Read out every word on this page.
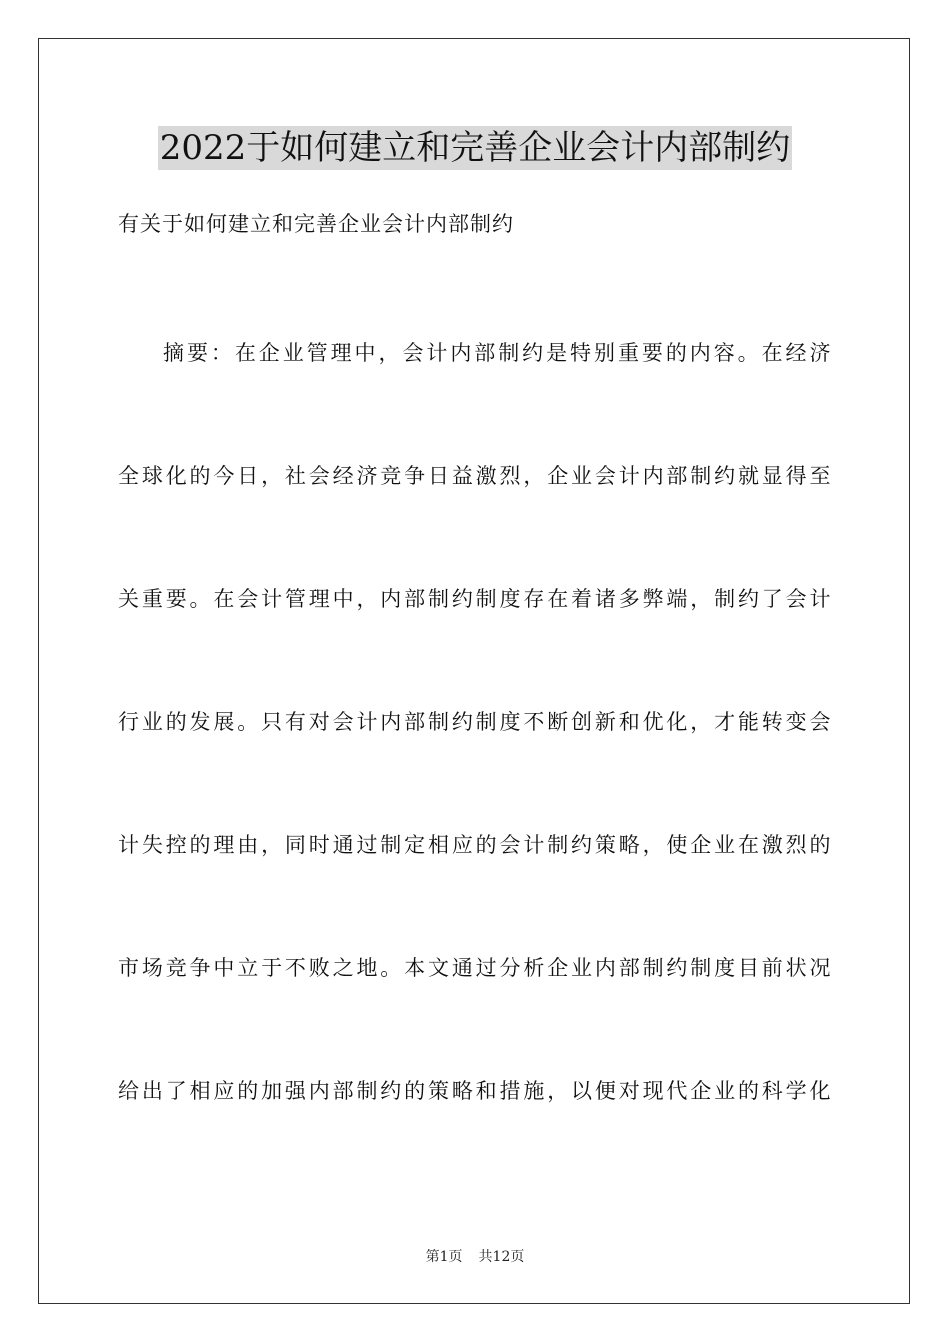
2022于如何建立和完善企业会计内部制约
有关于如何建立和完善企业会计内部制约
摘要：在企业管理中，会计内部制约是特别重要的内容。在经济
全球化的今日，社会经济竞争日益激烈，企业会计内部制约就显得至
关重要。在会计管理中，内部制约制度存在着诸多弊端，制约了会计
行业的发展。只有对会计内部制约制度不断创新和优化，才能转变会
计失控的理由，同时通过制定相应的会计制约策略，使企业在激烈的
市场竞争中立于不败之地。本文通过分析企业内部制约制度目前状况
给出了相应的加强内部制约的策略和措施，以便对现代企业的科学化
第1页 共12页
